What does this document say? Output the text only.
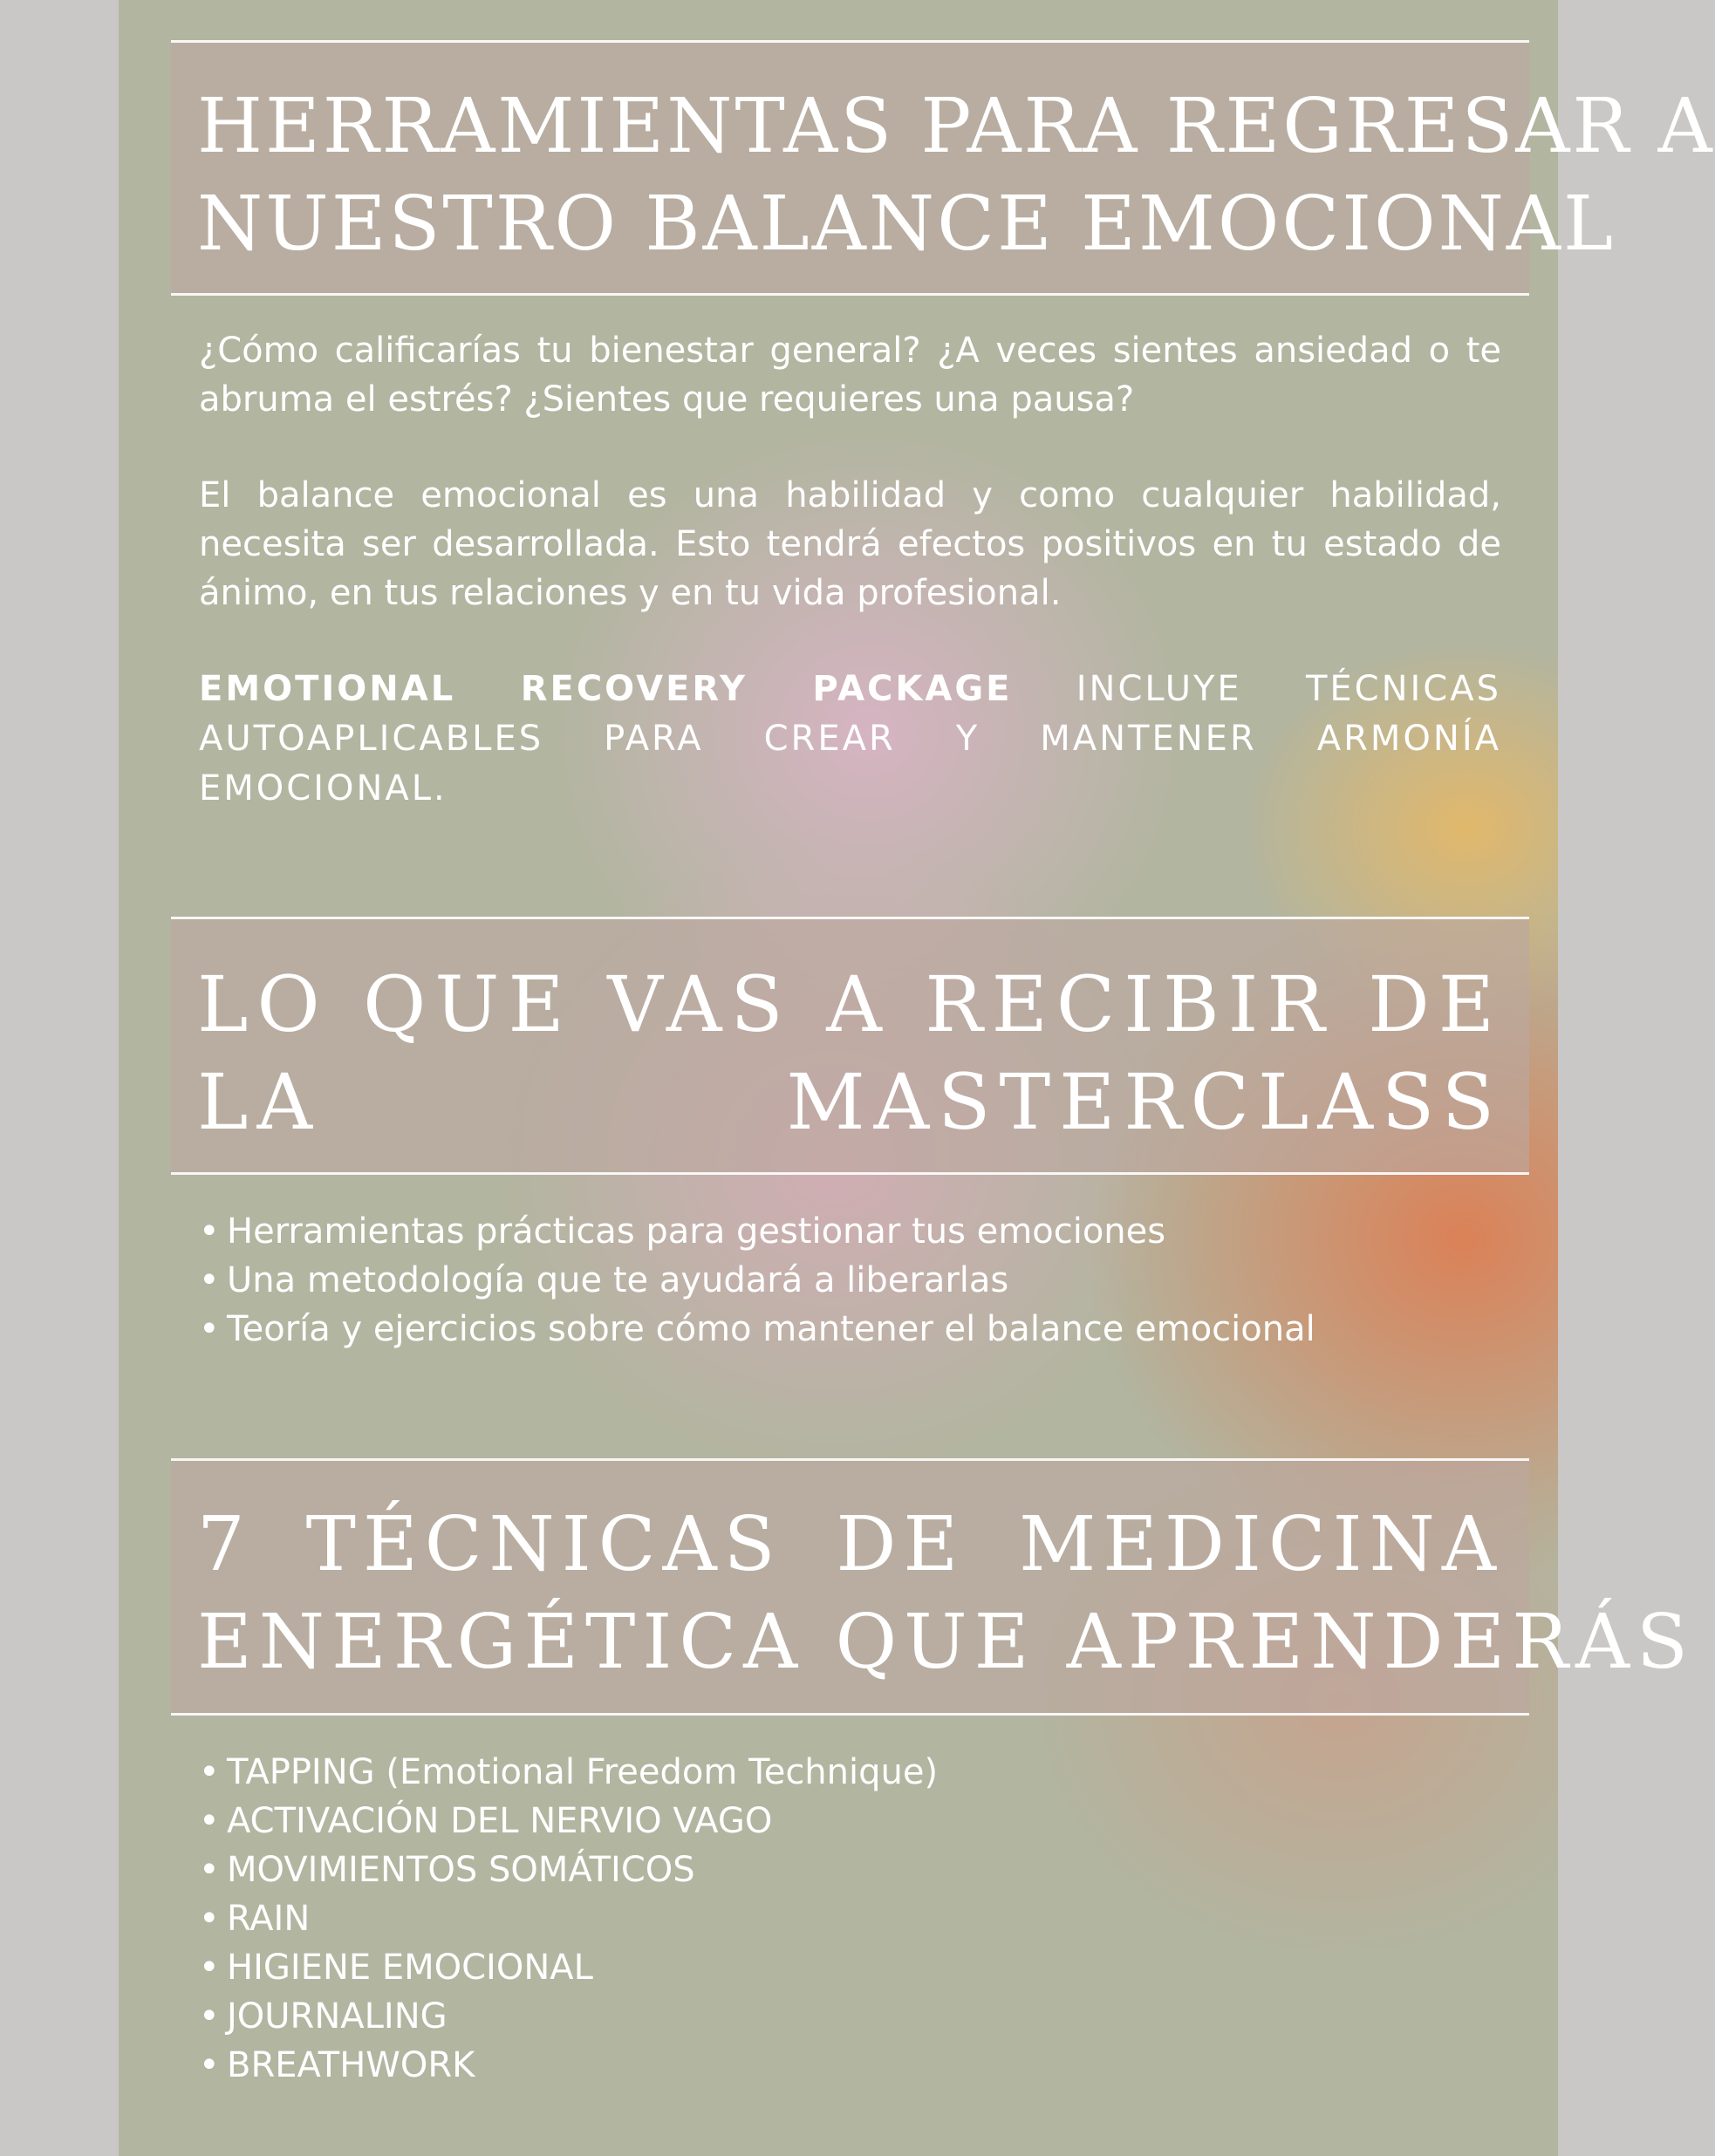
HERRAMIENTAS PARA REGRESAR A
NUESTRO BALANCE EMOCIONAL

¿Cómo calificarías tu bienestar general? ¿A veces sientes ansiedad o te abruma el estrés? ¿Sientes que requieres una pausa?

El balance emocional es una habilidad y como cualquier habilidad, necesita ser desarrollada. Esto tendrá efectos positivos en tu estado de ánimo, en tus relaciones y en tu vida profesional.

EMOTIONAL RECOVERY PACKAGE INCLUYE TÉCNICAS AUTOAPLICABLES PARA CREAR Y MANTENER ARMONÍA EMOCIONAL.

LO QUE VAS A RECIBIR DE
LA MASTERCLASS
• Herramientas prácticas para gestionar tus emociones
• Una metodología que te ayudará a liberarlas
• Teoría y ejercicios sobre cómo mantener el balance emocional
7 TÉCNICAS DE MEDICINA
ENERGÉTICA QUE APRENDERÁS
• TAPPING (Emotional Freedom Technique)
• ACTIVACIÓN DEL NERVIO VAGO
• MOVIMIENTOS SOMÁTICOS
• RAIN
• HIGIENE EMOCIONAL
• JOURNALING
• BREATHWORK
